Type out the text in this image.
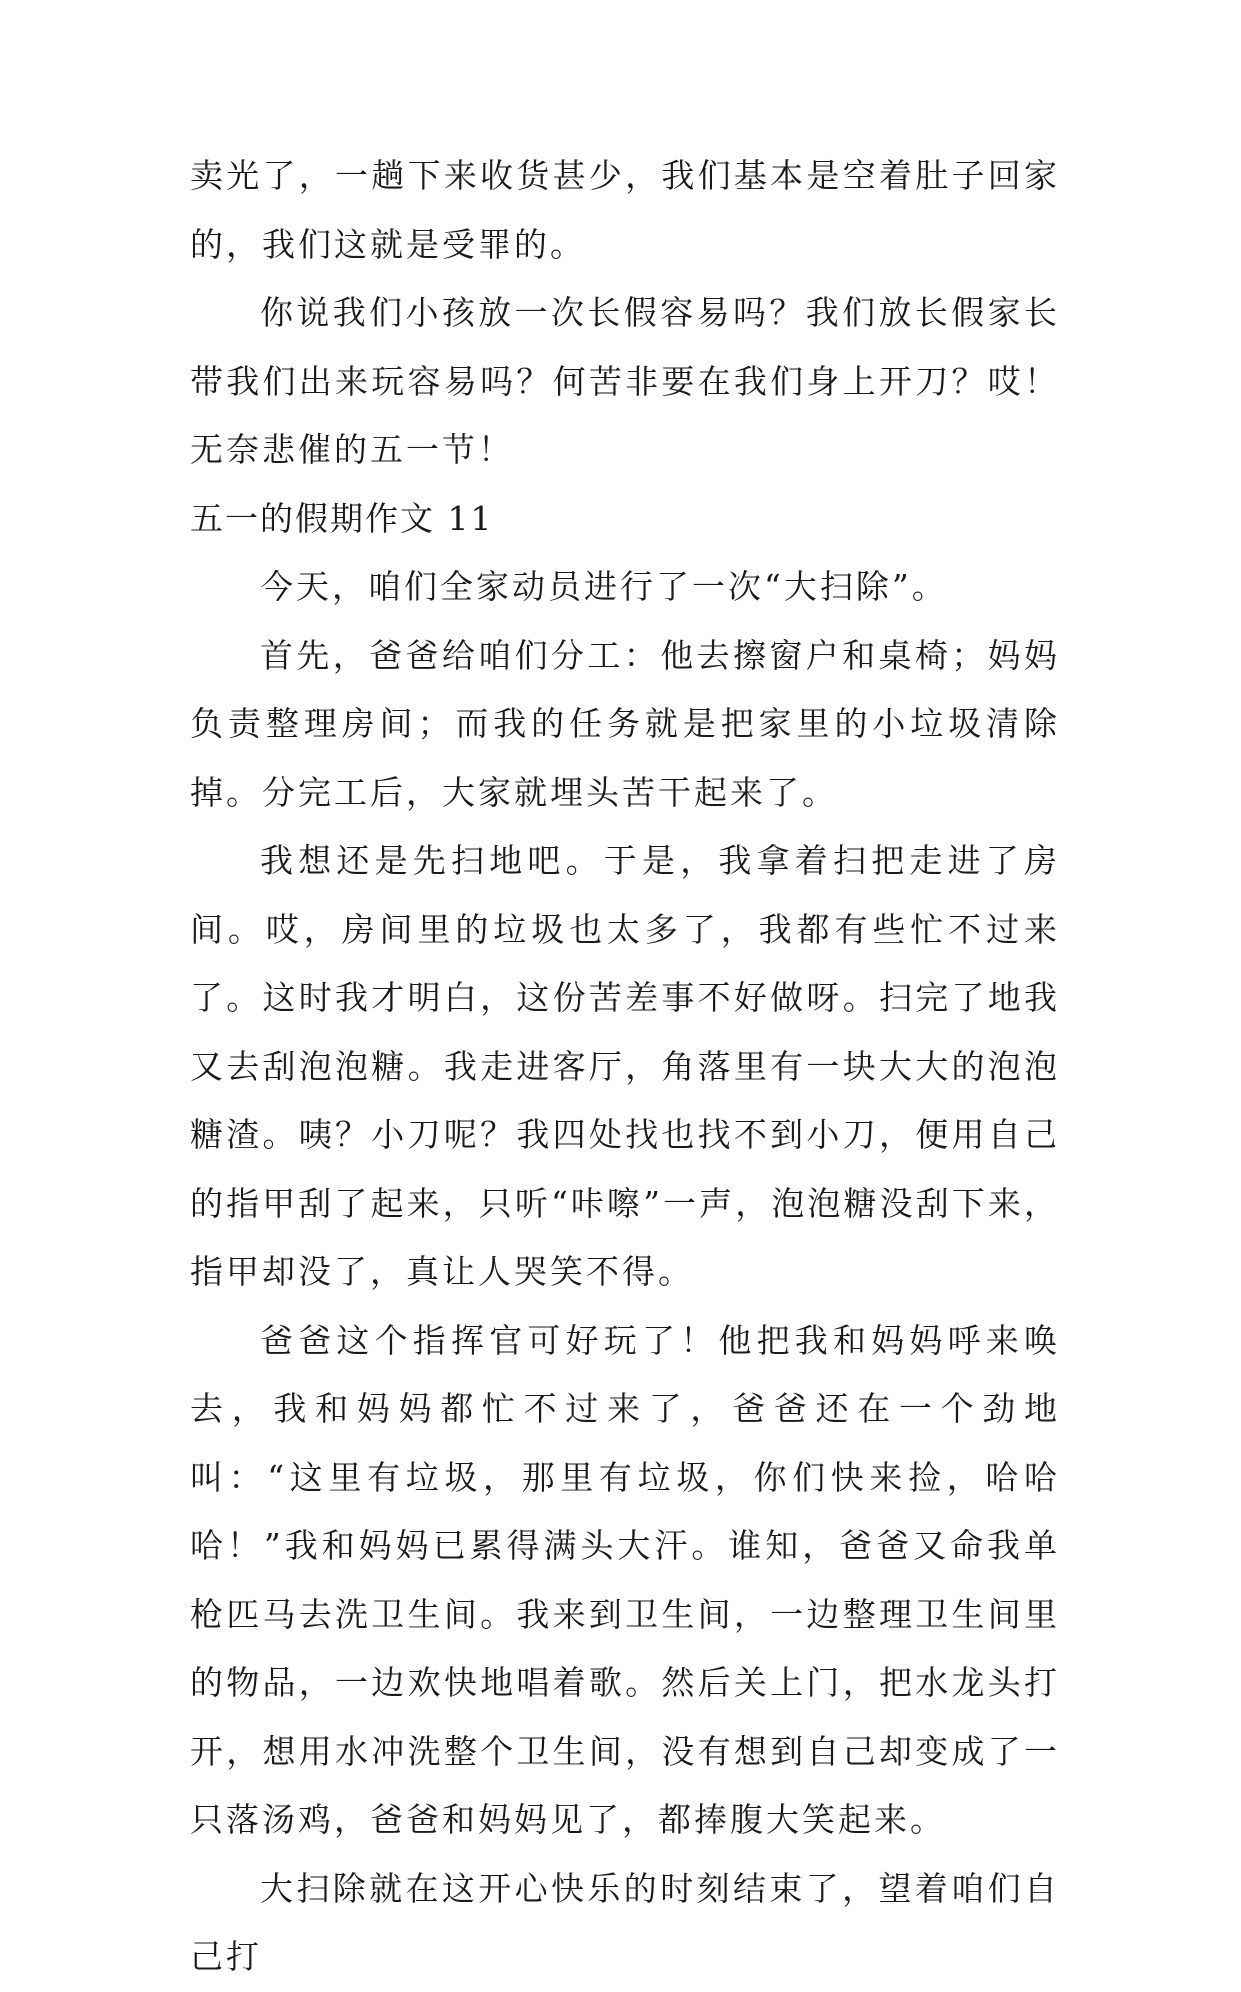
卖光了，一趟下来收货甚少，我们基本是空着肚子回家的，我们这就是受罪的。

你说我们小孩放一次长假容易吗？我们放长假家长带我们出来玩容易吗？何苦非要在我们身上开刀？哎！无奈悲催的五一节！

五一的假期作文 11

今天，咱们全家动员进行了一次“大扫除”。

首先，爸爸给咱们分工：他去擦窗户和桌椅；妈妈负责整理房间；而我的任务就是把家里的小垃圾清除掉。分完工后，大家就埋头苦干起来了。

我想还是先扫地吧。于是，我拿着扫把走进了房间。哎，房间里的垃圾也太多了，我都有些忙不过来了。这时我才明白，这份苦差事不好做呀。扫完了地我又去刮泡泡糖。我走进客厅，角落里有一块大大的泡泡糖渣。咦？小刀呢？我四处找也找不到小刀，便用自己的指甲刮了起来，只听“咔嚓”一声，泡泡糖没刮下来，指甲却没了，真让人哭笑不得。

爸爸这个指挥官可好玩了！他把我和妈妈呼来唤去，我和妈妈都忙不过来了，爸爸还在一个劲地叫：“这里有垃圾，那里有垃圾，你们快来捡，哈哈哈！”我和妈妈已累得满头大汗。谁知，爸爸又命我单枪匹马去洗卫生间。我来到卫生间，一边整理卫生间里的物品，一边欢快地唱着歌。然后关上门，把水龙头打开，想用水冲洗整个卫生间，没有想到自己却变成了一只落汤鸡，爸爸和妈妈见了，都捧腹大笑起来。

大扫除就在这开心快乐的时刻结束了，望着咱们自己打
